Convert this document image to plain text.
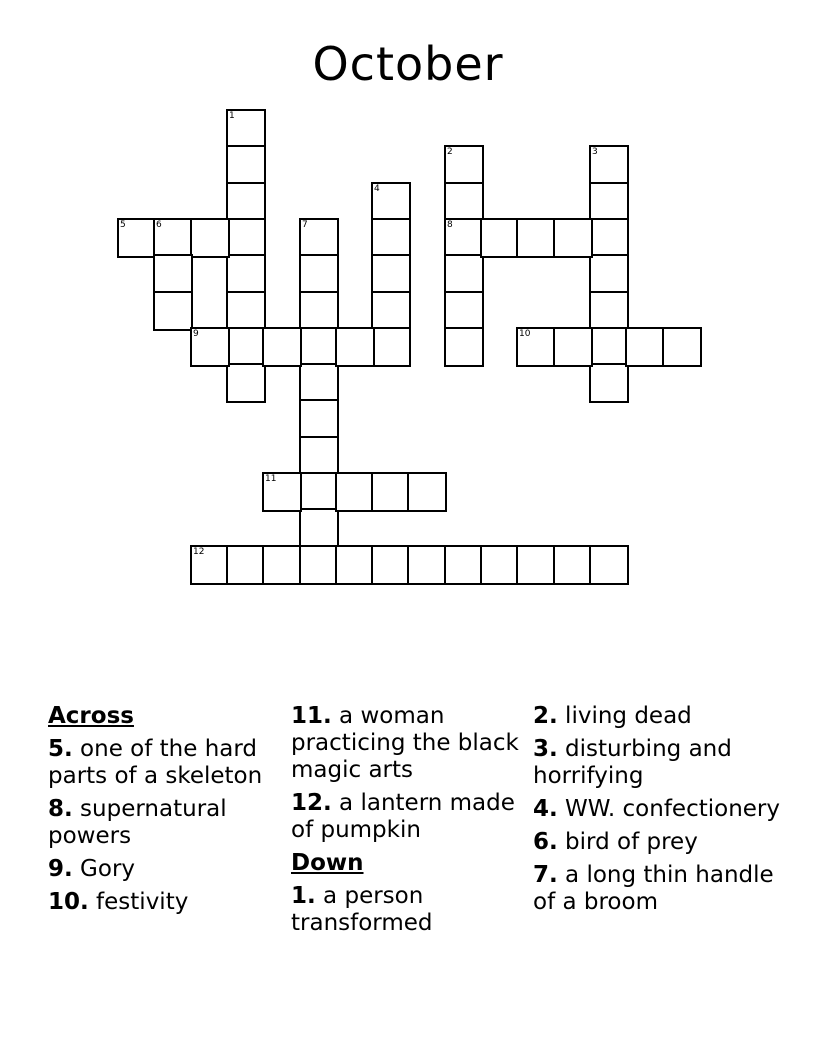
October
1
2
8
3
4
5	6	7
9	10
11
12
Across
5. one of the hard parts of a skeleton
8. supernatural powers
9. Gory
10. festivity
11. a woman practicing the black magic arts
12. a lantern made of pumpkin
Down
1. a person transformed
2. living dead
3. disturbing and horrifying
4. WW. confectionery
6. bird of prey
7. a long thin handle of a broom
